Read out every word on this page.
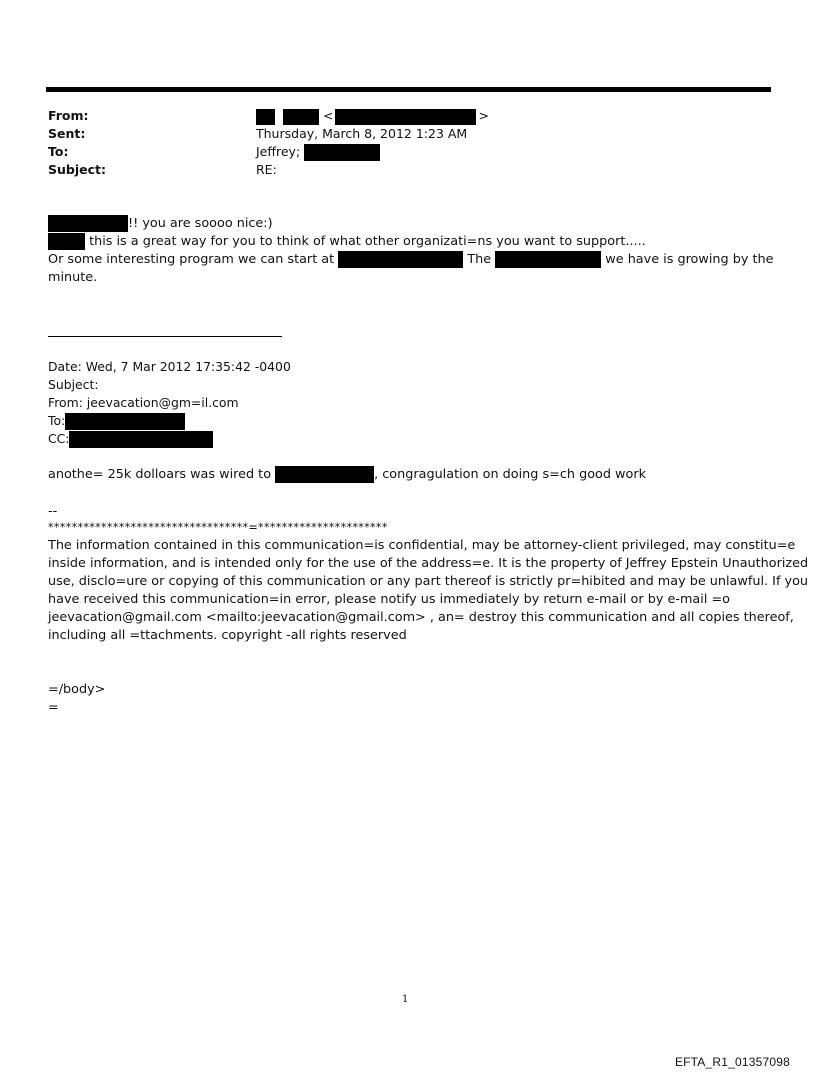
From:	<	>
Sent:	Thursday, March 8, 2012 1:23 AM
To:	Jeffrey;
Subject:	RE:
!! you are soooo nice:)
this is a great way for you to think of what other organizati=ns you want to support.....
Or some interesting program we can start at	The	we have is growing by the
minute.
Date: Wed, 7 Mar 2012 17:35:42 -0400
Subject:
From: jeevacation@gm=il.com
To:
CC:
anothe= 25k dolloars was wired to	, congragulation on doing s=ch good work
--
**********************************=**********************
The information contained in this communication=is confidential, may be attorney-client privileged, may constitu=e
inside information, and is intended only for the use of the address=e. It is the property of Jeffrey Epstein Unauthorized
use, disclo=ure or copying of this communication or any part thereof is strictly pr=hibited and may be unlawful. If you
have received this communication=in error, please notify us immediately by return e-mail or by e-mail =o
jeevacation@gmail.com <mailto:jeevacation@gmail.com> , an= destroy this communication and all copies thereof,
including all =ttachments. copyright -all rights reserved
=/body>
=
1
EFTA_R1_01357098
